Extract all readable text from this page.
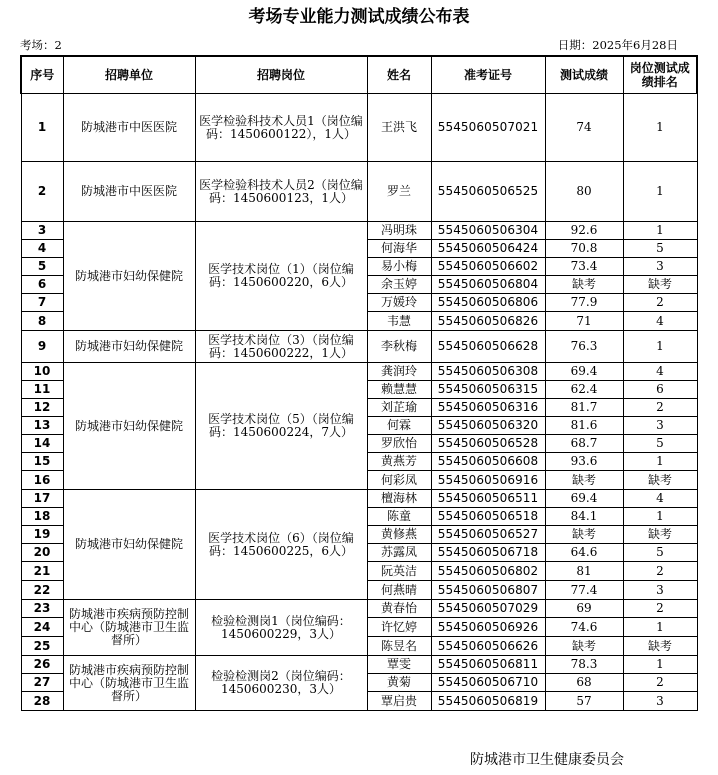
考场专业能力测试成绩公布表
考场：2	日期：2025年6月28日
序号	招聘单位	招聘岗位	姓名	准考证号	测试成绩	岗位测试成绩排名
1	防城港市中医医院	医学检验科技术人员1（岗位编码：1450600122），1人）	王洪飞	5545060507021	74	1
2	防城港市中医医院	医学检验科技术人员2（岗位编码：1450600123，1人）	罗兰	5545060506525	80	1
3	防城港市妇幼保健院	医学技术岗位（1）（岗位编码：1450600220，6人）	冯明珠	5545060506304	92.6	1
4			何海华	5545060506424	70.8	5
5			易小梅	5545060506602	73.4	3
6			余玉婷	5545060506804	缺考	缺考
7			万媛玲	5545060506806	77.9	2
8			韦慧	5545060506826	71	4
9	防城港市妇幼保健院	医学技术岗位（3）（岗位编码：1450600222，1人）	李秋梅	5545060506628	76.3	1
10	防城港市妇幼保健院	医学技术岗位（5）（岗位编码：1450600224，7人）	龚润玲	5545060506308	69.4	4
11			赖慧慧	5545060506315	62.4	6
12			刘芷瑜	5545060506316	81.7	2
13			何霖	5545060506320	81.6	3
14			罗欣怡	5545060506528	68.7	5
15			黄燕芳	5545060506608	93.6	1
16			何彩凤	5545060506916	缺考	缺考
17	防城港市妇幼保健院	医学技术岗位（6）（岗位编码：1450600225，6人）	檀海林	5545060506511	69.4	4
18			陈童	5545060506518	84.1	1
19			黄修燕	5545060506527	缺考	缺考
20			苏露凤	5545060506718	64.6	5
21			阮英洁	5545060506802	81	2
22			何燕晴	5545060506807	77.4	3
23	防城港市疾病预防控制中心（防城港市卫生监督所）	检验检测岗1（岗位编码：1450600229，3人）	黄春怡	5545060507029	69	2
24			许忆婷	5545060506926	74.6	1
25			陈昱名	5545060506626	缺考	缺考
26	防城港市疾病预防控制中心（防城港市卫生监督所）	检验检测岗2（岗位编码：1450600230，3人）	覃雯	5545060506811	78.3	1
27			黄菊	5545060506710	68	2
28			覃启贵	5545060506819	57	3
防城港市卫生健康委员会
